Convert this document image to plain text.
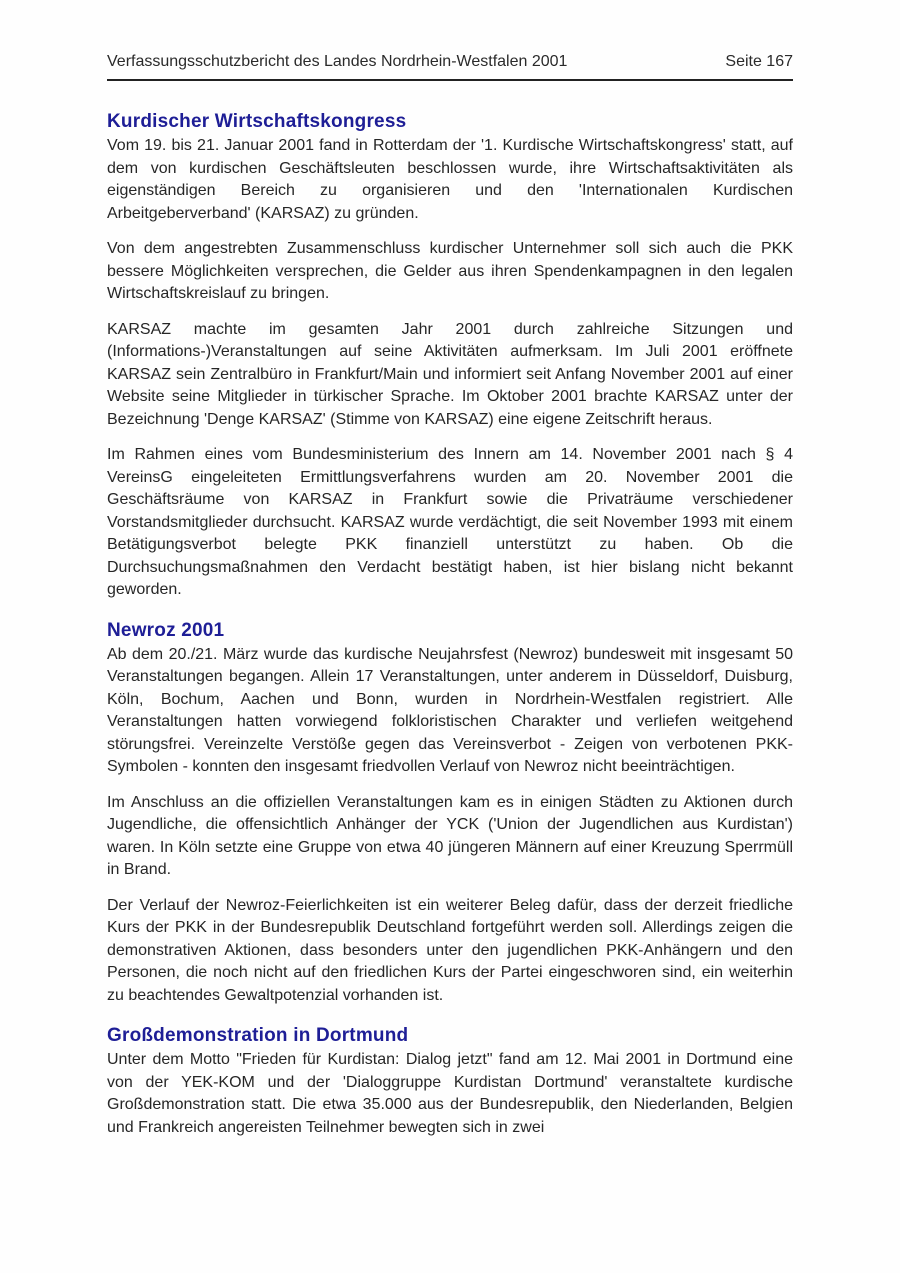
Verfassungsschutzbericht des Landes Nordrhein-Westfalen 2001	Seite 167
Kurdischer Wirtschaftskongress

Vom 19. bis 21. Januar 2001 fand in Rotterdam der '1. Kurdische Wirtschaftskongress' statt, auf dem von kurdischen Geschäftsleuten beschlossen wurde, ihre Wirtschaftsaktivitäten als eigenständigen Bereich zu organisieren und den 'Internationalen Kurdischen Arbeitgeberverband' (KARSAZ) zu gründen.

Von dem angestrebten Zusammenschluss kurdischer Unternehmer soll sich auch die PKK bessere Möglichkeiten versprechen, die Gelder aus ihren Spendenkampagnen in den legalen Wirtschaftskreislauf zu bringen.

KARSAZ machte im gesamten Jahr 2001 durch zahlreiche Sitzungen und (Informations-)Veranstaltungen auf seine Aktivitäten aufmerksam. Im Juli 2001 eröffnete KARSAZ sein Zentralbüro in Frankfurt/Main und informiert seit Anfang November 2001 auf einer Website seine Mitglieder in türkischer Sprache. Im Oktober 2001 brachte KARSAZ unter der Bezeichnung 'Denge KARSAZ' (Stimme von KARSAZ) eine eigene Zeitschrift heraus.

Im Rahmen eines vom Bundesministerium des Innern am 14. November 2001 nach § 4 VereinsG eingeleiteten Ermittlungsverfahrens wurden am 20. November 2001 die Geschäftsräume von KARSAZ in Frankfurt sowie die Privaträume verschiedener Vorstandsmitglieder durchsucht. KARSAZ wurde verdächtigt, die seit November 1993 mit einem Betätigungsverbot belegte PKK finanziell unterstützt zu haben. Ob die Durchsuchungsmaßnahmen den Verdacht bestätigt haben, ist hier bislang nicht bekannt geworden.

Newroz 2001

Ab dem 20./21. März wurde das kurdische Neujahrsfest (Newroz) bundesweit mit insgesamt 50 Veranstaltungen begangen. Allein 17 Veranstaltungen, unter anderem in Düsseldorf, Duisburg, Köln, Bochum, Aachen und Bonn, wurden in Nordrhein-Westfalen registriert. Alle Veranstaltungen hatten vorwiegend folkloristischen Charakter und verliefen weitgehend störungsfrei. Vereinzelte Verstöße gegen das Vereinsverbot - Zeigen von verbotenen PKK-Symbolen - konnten den insgesamt friedvollen Verlauf von Newroz nicht beeinträchtigen.

Im Anschluss an die offiziellen Veranstaltungen kam es in einigen Städten zu Aktionen durch Jugendliche, die offensichtlich Anhänger der YCK ('Union der Jugendlichen aus Kurdistan') waren. In Köln setzte eine Gruppe von etwa 40 jüngeren Männern auf einer Kreuzung Sperrmüll in Brand.

Der Verlauf der Newroz-Feierlichkeiten ist ein weiterer Beleg dafür, dass der derzeit friedliche Kurs der PKK in der Bundesrepublik Deutschland fortgeführt werden soll. Allerdings zeigen die demonstrativen Aktionen, dass besonders unter den jugendlichen PKK-Anhängern und den Personen, die noch nicht auf den friedlichen Kurs der Partei eingeschworen sind, ein weiterhin zu beachtendes Gewaltpotenzial vorhanden ist.

Großdemonstration in Dortmund

Unter dem Motto "Frieden für Kurdistan: Dialog jetzt" fand am 12. Mai 2001 in Dortmund eine von der YEK-KOM und der 'Dialoggruppe Kurdistan Dortmund' veranstaltete kurdische Großdemonstration statt. Die etwa 35.000 aus der Bundesrepublik, den Niederlanden, Belgien und Frankreich angereisten Teilnehmer bewegten sich in zwei
